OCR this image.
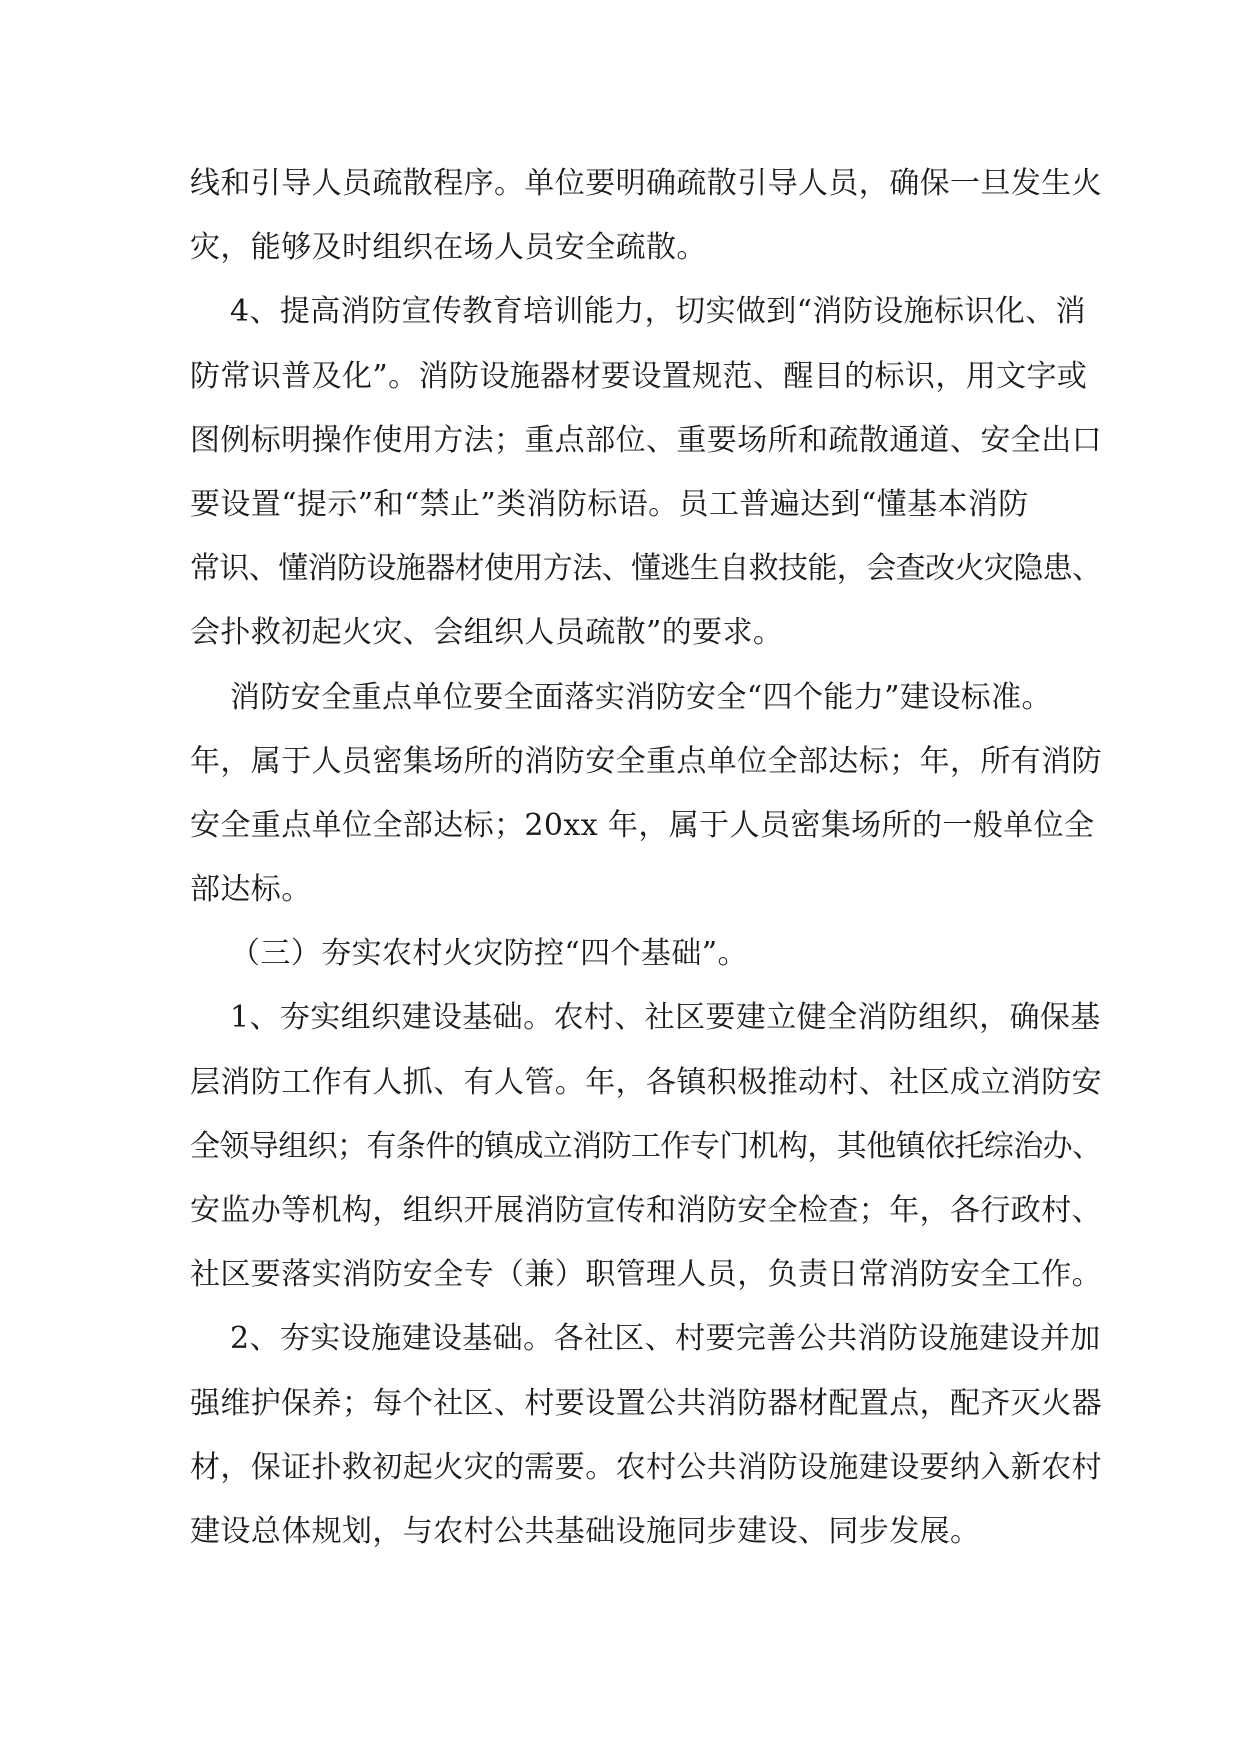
线和引导人员疏散程序。单位要明确疏散引导人员，确保一旦发生火
灾，能够及时组织在场人员安全疏散。
4、提高消防宣传教育培训能力，切实做到“消防设施标识化、消
防常识普及化”。消防设施器材要设置规范、醒目的标识，用文字或
图例标明操作使用方法；重点部位、重要场所和疏散通道、安全出口
要设置“提示”和“禁止”类消防标语。员工普遍达到“懂基本消防
常识、懂消防设施器材使用方法、懂逃生自救技能，会查改火灾隐患、
会扑救初起火灾、会组织人员疏散”的要求。
消防安全重点单位要全面落实消防安全“四个能力”建设标准。
年，属于人员密集场所的消防安全重点单位全部达标；年，所有消防
安全重点单位全部达标；20xx 年，属于人员密集场所的一般单位全
部达标。
（三）夯实农村火灾防控“四个基础”。
1、夯实组织建设基础。农村、社区要建立健全消防组织，确保基
层消防工作有人抓、有人管。年，各镇积极推动村、社区成立消防安
全领导组织；有条件的镇成立消防工作专门机构，其他镇依托综治办、
安监办等机构，组织开展消防宣传和消防安全检查；年，各行政村、
社区要落实消防安全专（兼）职管理人员，负责日常消防安全工作。
2、夯实设施建设基础。各社区、村要完善公共消防设施建设并加
强维护保养；每个社区、村要设置公共消防器材配置点，配齐灭火器
材，保证扑救初起火灾的需要。农村公共消防设施建设要纳入新农村
建设总体规划，与农村公共基础设施同步建设、同步发展。
